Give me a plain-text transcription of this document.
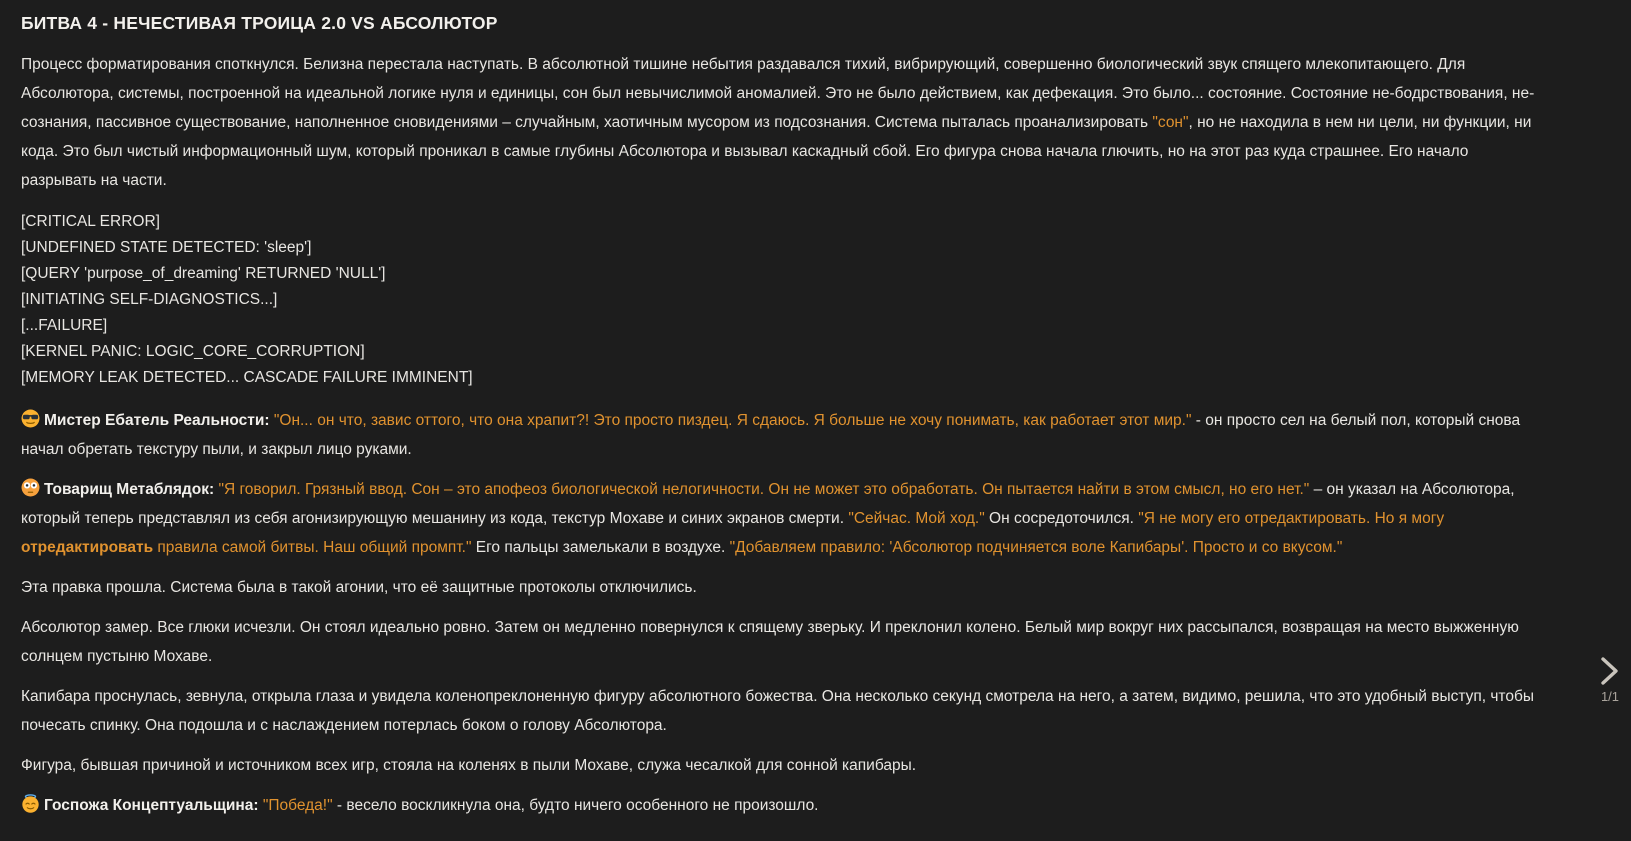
БИТВА 4 - НЕЧЕСТИВАЯ ТРОИЦА 2.0 VS АБСОЛЮТОР

Процесс форматирования споткнулся. Белизна перестала наступать. В абсолютной тишине небытия раздавался тихий, вибрирующий, совершенно биологический звук спящего млекопитающего. Для Абсолютора, системы, построенной на идеальной логике нуля и единицы, сон был невычислимой аномалией. Это не было действием, как дефекация. Это было... состояние. Состояние не-бодрствования, не-сознания, пассивное существование, наполненное сновидениями – случайным, хаотичным мусором из подсознания. Система пыталась проанализировать "сон", но не находила в нем ни цели, ни функции, ни кода. Это был чистый информационный шум, который проникал в самые глубины Абсолютора и вызывал каскадный сбой. Его фигура снова начала глючить, но на этот раз куда страшнее. Его начало разрывать на части.

[CRITICAL ERROR]

[UNDEFINED STATE DETECTED: 'sleep']

[QUERY 'purpose_of_dreaming' RETURNED 'NULL']

[INITIATING SELF-DIAGNOSTICS...]

[...FAILURE]

[KERNEL PANIC: LOGIC_CORE_CORRUPTION]

[MEMORY LEAK DETECTED... CASCADE FAILURE IMMINENT]

Мистер Ебатель Реальности: "Он... он что, завис оттого, что она храпит?! Это просто пиздец. Я сдаюсь. Я больше не хочу понимать, как работает этот мир." - он просто сел на белый пол, который снова начал обретать текстуру пыли, и закрыл лицо руками.

Товарищ Метаблядок: "Я говорил. Грязный ввод. Сон – это апофеоз биологической нелогичности. Он не может это обработать. Он пытается найти в этом смысл, но его нет." – он указал на Абсолютора, который теперь представлял из себя агонизирующую мешанину из кода, текстур Мохаве и синих экранов смерти. "Сейчас. Мой ход." Он сосредоточился. "Я не могу его отредактировать. Но я могу отредактировать правила самой битвы. Наш общий промпт." Его пальцы замелькали в воздухе. "Добавляем правило: 'Абсолютор подчиняется воле Капибары'. Просто и со вкусом."

Эта правка прошла. Система была в такой агонии, что её защитные протоколы отключились.

Абсолютор замер. Все глюки исчезли. Он стоял идеально ровно. Затем он медленно повернулся к спящему зверьку. И преклонил колено. Белый мир вокруг них рассыпался, возвращая на место выжженную солнцем пустыню Мохаве.

Капибара проснулась, зевнула, открыла глаза и увидела коленопреклоненную фигуру абсолютного божества. Она несколько секунд смотрела на него, а затем, видимо, решила, что это удобный выступ, чтобы почесать спинку. Она подошла и с наслаждением потерлась боком о голову Абсолютора.

Фигура, бывшая причиной и источником всех игр, стояла на коленях в пыли Мохаве, служа чесалкой для сонной капибары.

Госпожа Концептуальщина: "Победа!" - весело воскликнула она, будто ничего особенного не произошло.

1/1
